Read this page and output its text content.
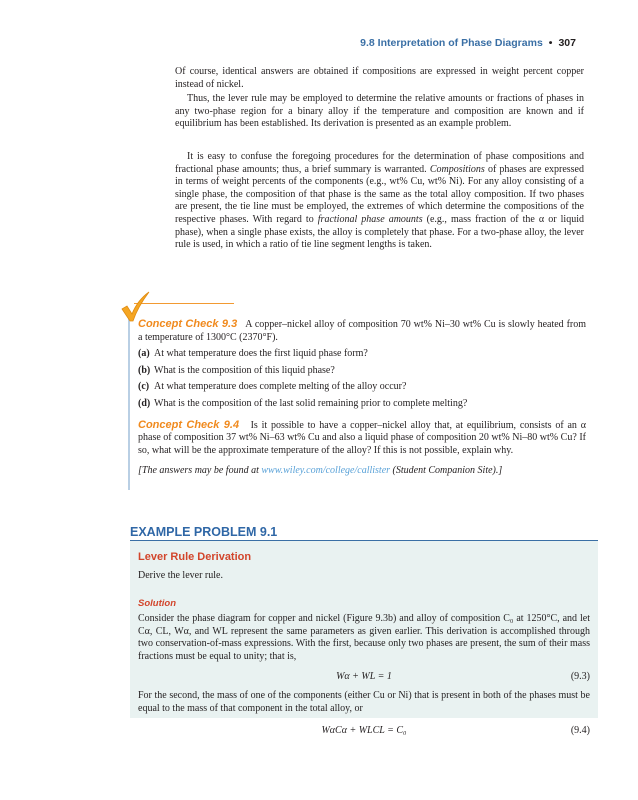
9.8 Interpretation of Phase Diagrams • 307

Of course, identical answers are obtained if compositions are expressed in weight percent copper instead of nickel.

Thus, the lever rule may be employed to determine the relative amounts or fractions of phases in any two-phase region for a binary alloy if the temperature and composition are known and if equilibrium has been established. Its derivation is presented as an example problem.

It is easy to confuse the foregoing procedures for the determination of phase compositions and fractional phase amounts; thus, a brief summary is warranted. Compositions of phases are expressed in terms of weight percents of the components (e.g., wt% Cu, wt% Ni). For any alloy consisting of a single phase, the composition of that phase is the same as the total alloy composition. If two phases are present, the tie line must be employed, the extremes of which determine the compositions of the respective phases. With regard to fractional phase amounts (e.g., mass fraction of the α or liquid phase), when a single phase exists, the alloy is completely that phase. For a two-phase alloy, the lever rule is used, in which a ratio of tie line segment lengths is taken.

Concept Check 9.3 A copper–nickel alloy of composition 70 wt% Ni–30 wt% Cu is slowly heated from a temperature of 1300°C (2370°F).

(a) At what temperature does the first liquid phase form?
(b) What is the composition of this liquid phase?
(c) At what temperature does complete melting of the alloy occur?
(d) What is the composition of the last solid remaining prior to complete melting?

Concept Check 9.4 Is it possible to have a copper–nickel alloy that, at equilibrium, consists of an α phase of composition 37 wt% Ni–63 wt% Cu and also a liquid phase of composition 20 wt% Ni–80 wt% Cu? If so, what will be the approximate temperature of the alloy? If this is not possible, explain why.

[The answers may be found at www.wiley.com/college/callister (Student Companion Site).]

EXAMPLE PROBLEM 9.1
Lever Rule Derivation

Derive the lever rule.

Solution

Consider the phase diagram for copper and nickel (Figure 9.3b) and alloy of composition C₀ at 1250°C, and let Cα, CL, Wα, and WL represent the same parameters as given earlier. This derivation is accomplished through two conservation-of-mass expressions. With the first, because only two phases are present, the sum of their mass fractions must be equal to unity; that is,

Wα + WL = 1	(9.3)

For the second, the mass of one of the components (either Cu or Ni) that is present in both of the phases must be equal to the mass of that component in the total alloy, or

WαCα + WLCL = C₀	(9.4)
